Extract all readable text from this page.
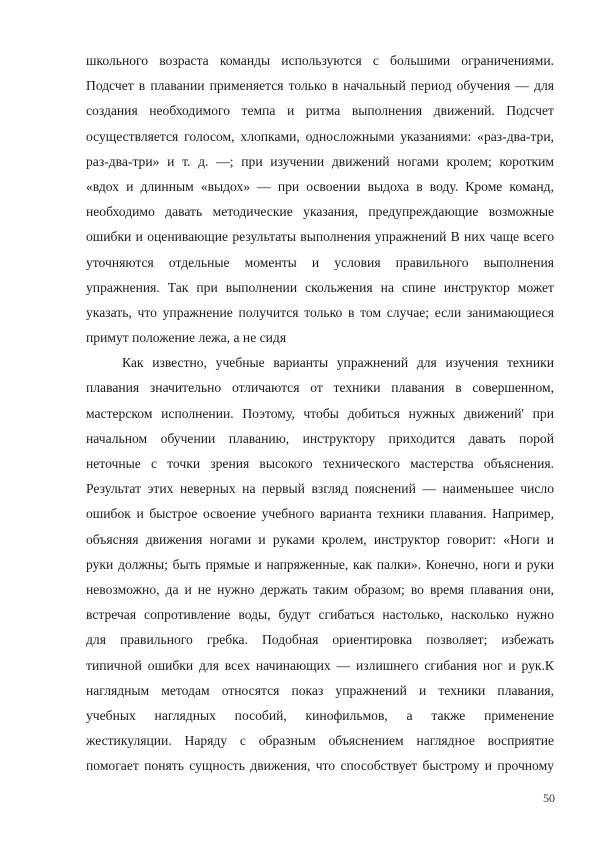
школьного возраста команды используются с большими ограничениями.
Подсчет в плавании применяется только в начальный период обучения — для
создания необходимого темпа и ритма выполнения движений. Подсчет
осуществляется голосом, хлопками, односложными указаниями: «раз-два-три,
раз-два-три» и т. д. —; при изучении движений ногами кролем; коротким
«вдох и длинным «выдох» — при освоении выдоха в воду. Кроме команд,
необходимо давать методические указания, предупреждающие возможные
ошибки и оценивающие результаты выполнения упражнений В них чаще всего
уточняются отдельные моменты и условия правильного выполнения
упражнения. Так при выполнении скольжения на спине инструктор может
указать, что упражнение получится только в том случае; если занимающиеся
примут положение лежа, а не сидя
Как известно, учебные варианты упражнений для изучения техники
плавания значительно отличаются от техники плавания в совершенном,
мастерском исполнении. Поэтому, чтобы добиться нужных движений' при
начальном обучении плаванию, инструктору приходится давать порой
неточные с точки зрения высокого технического мастерства объяснения.
Результат этих неверных на первый взгляд пояснений — наименьшее число
ошибок и быстрое освоение учебного варианта техники плавания. Например,
объясняя движения ногами и руками кролем, инструктор говорит: «Ноги и
руки должны; быть прямые и напряженные, как палки». Конечно, ноги и руки
невозможно, да и не нужно держать таким образом; во время плавания они,
встречая сопротивление воды, будут сгибаться настолько, насколько нужно
для правильного гребка. Подобная ориентировка позволяет; избежать
типичной ошибки для всех начинающих — излишнего сгибания ног и рук.К
наглядным методам относятся показ упражнений и техники плавания,
учебных наглядных пособий, кинофильмов, а также применение
жестикуляции. Наряду с образным объяснением наглядное восприятие
помогает понять сущность движения, что способствует быстрому и прочному
50
